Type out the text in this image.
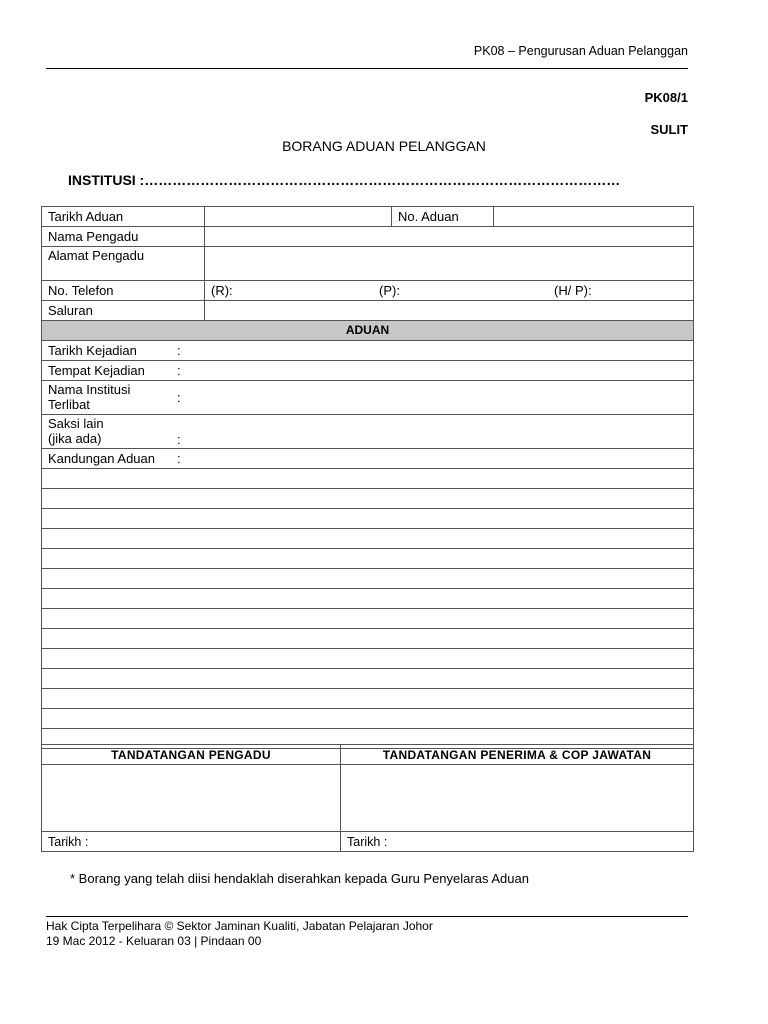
PK08 – Pengurusan Aduan Pelanggan
PK08/1
SULIT
BORANG ADUAN PELANGGAN
INSTITUSI :…………………………………………………………………………………………
Tarikh Aduan		No. Aduan	
Nama Pengadu			
Alamat Pengadu			
No. Telefon	(R): (P): (H/ P):		
Saluran			
ADUAN			
Tarikh Kejadian :			

Tempat Kejadian :			

Nama Institusi
Terlibat :			

Saksi lain
(jika ada) :			

Kandungan Aduan :			

TANDATANGAN PENGADU	TANDATANGAN PENERIMA & COP JAWATAN

Tarikh :	Tarikh :
* Borang yang telah diisi hendaklah diserahkan kepada Guru Penyelaras Aduan
Hak Cipta Terpelihara © Sektor Jaminan Kualiti, Jabatan Pelajaran Johor
19 Mac 2012 - Keluaran 03 | Pindaan 00
